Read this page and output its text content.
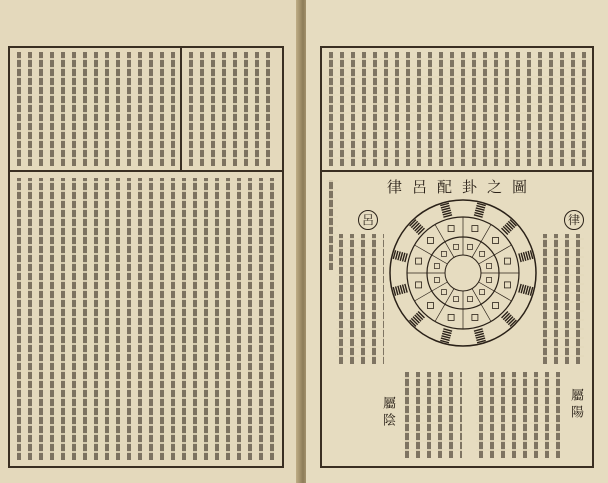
律呂配卦之圖
律
呂
屬陽
屬陰
